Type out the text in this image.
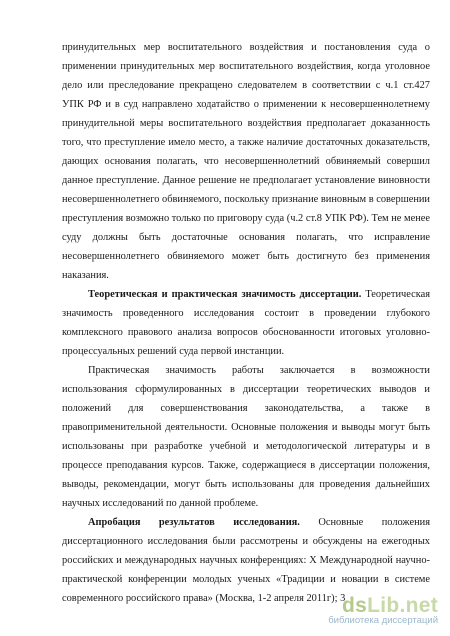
принудительных мер воспитательного воздействия и постановления суда о применении принудительных мер воспитательного воздействия, когда уголовное дело или преследование прекращено следователем в соответствии с ч.1 ст.427 УПК РФ и в суд направлено ходатайство о применении к несовершеннолетнему принудительной меры воспитательного воздействия предполагает доказанность того, что преступление имело место, а также наличие достаточных доказательств, дающих основания полагать, что несовершеннолетний обвиняемый совершил данное преступление. Данное решение не предполагает установление виновности несовершеннолетнего обвиняемого, поскольку признание виновным в совершении преступления возможно только по приговору суда (ч.2 ст.8 УПК РФ). Тем не менее суду должны быть достаточные основания полагать, что исправление несовершеннолетнего обвиняемого может быть достигнуто без применения наказания.

Теоретическая и практическая значимость диссертации. Теоретическая значимость проведенного исследования состоит в проведении глубокого комплексного правового анализа вопросов обоснованности итоговых уголовно-процессуальных решений суда первой инстанции.

Практическая значимость работы заключается в возможности использования сформулированных в диссертации теоретических выводов и положений для совершенствования законодательства, а также в правоприменительной деятельности. Основные положения и выводы могут быть использованы при разработке учебной и методологической литературы и в процессе преподавания курсов. Также, содержащиеся в диссертации положения, выводы, рекомендации, могут быть использованы для проведения дальнейших научных исследований по данной проблеме.

Апробация результатов исследования. Основные положения диссертационного исследования были рассмотрены и обсуждены на ежегодных российских и международных научных конференциях: X Международной научно-практической конференции молодых ученых «Традиции и новации в системе современного российского права» (Москва, 1-2 апреля 2011г); 3

dsLib.net
библиотека диссертаций
